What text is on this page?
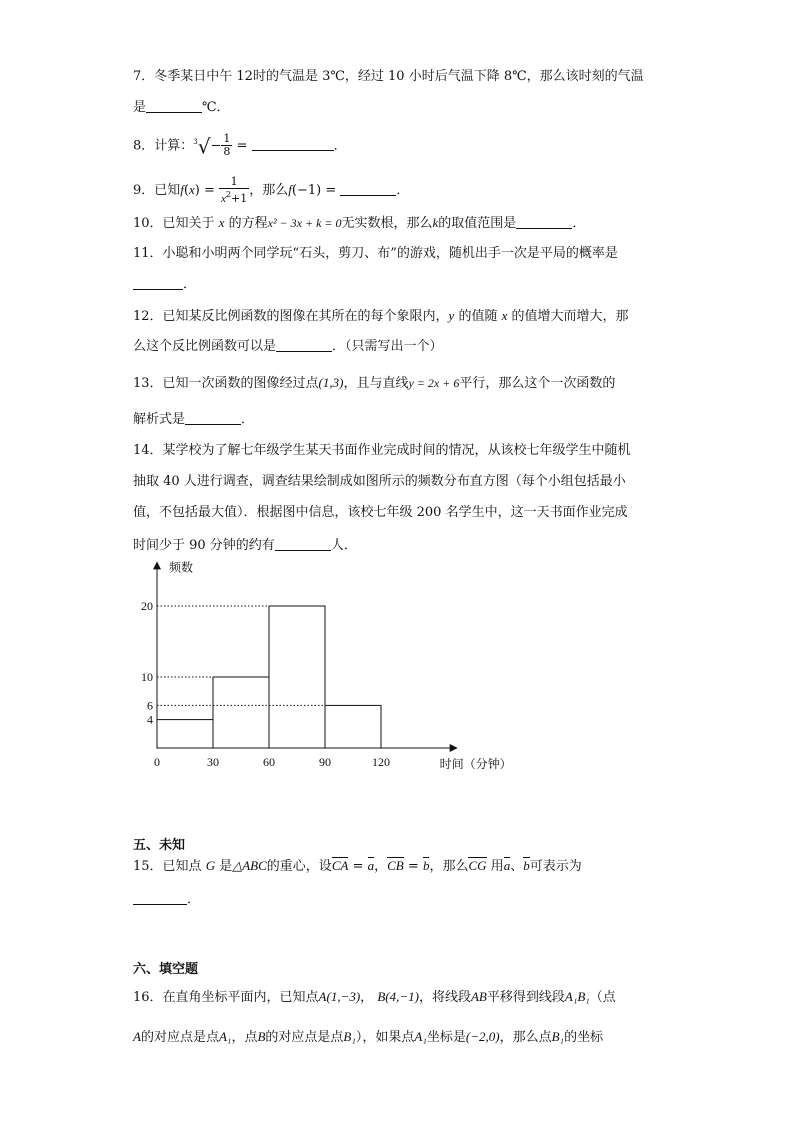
7．冬季某日中午 12时的气温是 3℃，经过 10 小时后气温下降 8℃，那么该时刻的气温
是	℃．
8．计算：$^3√- \frac{1}{8}$ =	．
9．已知$f(x) = \frac{1}{x^2+1}$ ，那么f(−1) =	．
10．已知关于 x 的方程x² − 3x + k = 0无实数根，那么k的取值范围是	．
11．小聪和小明两个同学玩“石头，剪刀、布”的游戏，随机出手一次是平局的概率是
．
12．已知某反比例函数的图像在其所在的每个象限内，y 的值随 x 的值增大而增大，那
么这个反比例函数可以是	．（只需写出一个）
13．已知一次函数的图像经过点(1,3)，且与直线y = 2x + 6平行，那么这个一次函数的
解析式是	．
14．某学校为了解七年级学生某天书面作业完成时间的情况，从该校七年级学生中随机
抽取 40 人进行调查，调查结果绘制成如图所示的频数分布直方图（每个小组包括最小
值，不包括最大值）．根据图中信息，该校七年级 200 名学生中，这一天书面作业完成
时间少于 90 分钟的约有	人．
4
6
10
20
0	30	60	90	120
频数
时间（分钟）
五、未知
15．已知点 G 是△ABC的重心，设CA = a，CB = b，那么CG 用a、b可表示为
．
六、填空题
16．在直角坐标平面内，已知点A(1,−3)， B(4,−1)，将线段AB平移得到线段A₁B₁（点
A的对应点是点A₁，点B的对应点是点B₁），如果点A₁坐标是(−2,0)，那么点B₁的坐标
